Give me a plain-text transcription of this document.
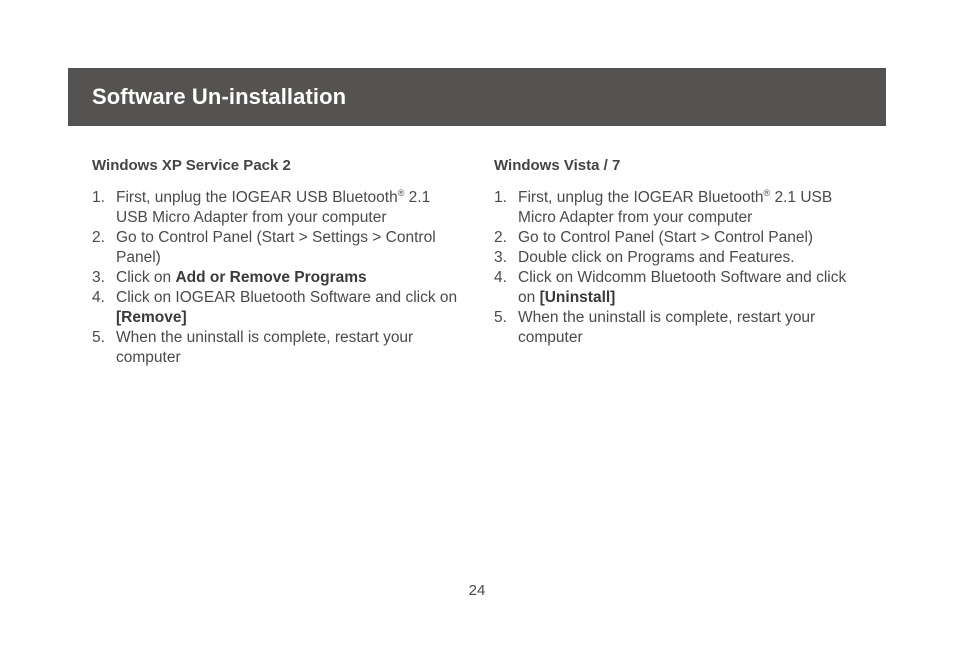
Software Un-installation
Windows XP Service Pack 2
1. First, unplug the IOGEAR USB Bluetooth® 2.1 USB Micro Adapter from your computer
2. Go to Control Panel (Start > Settings > Control Panel)
3. Click on Add or Remove Programs
4. Click on IOGEAR Bluetooth Software and click on [Remove]
5. When the uninstall is complete, restart your computer
Windows Vista / 7
1. First, unplug the IOGEAR Bluetooth® 2.1 USB Micro Adapter from your computer
2. Go to Control Panel (Start > Control Panel)
3. Double click on Programs and Features.
4. Click on Widcomm Bluetooth Software and click on [Uninstall]
5. When the uninstall is complete, restart your computer
24
